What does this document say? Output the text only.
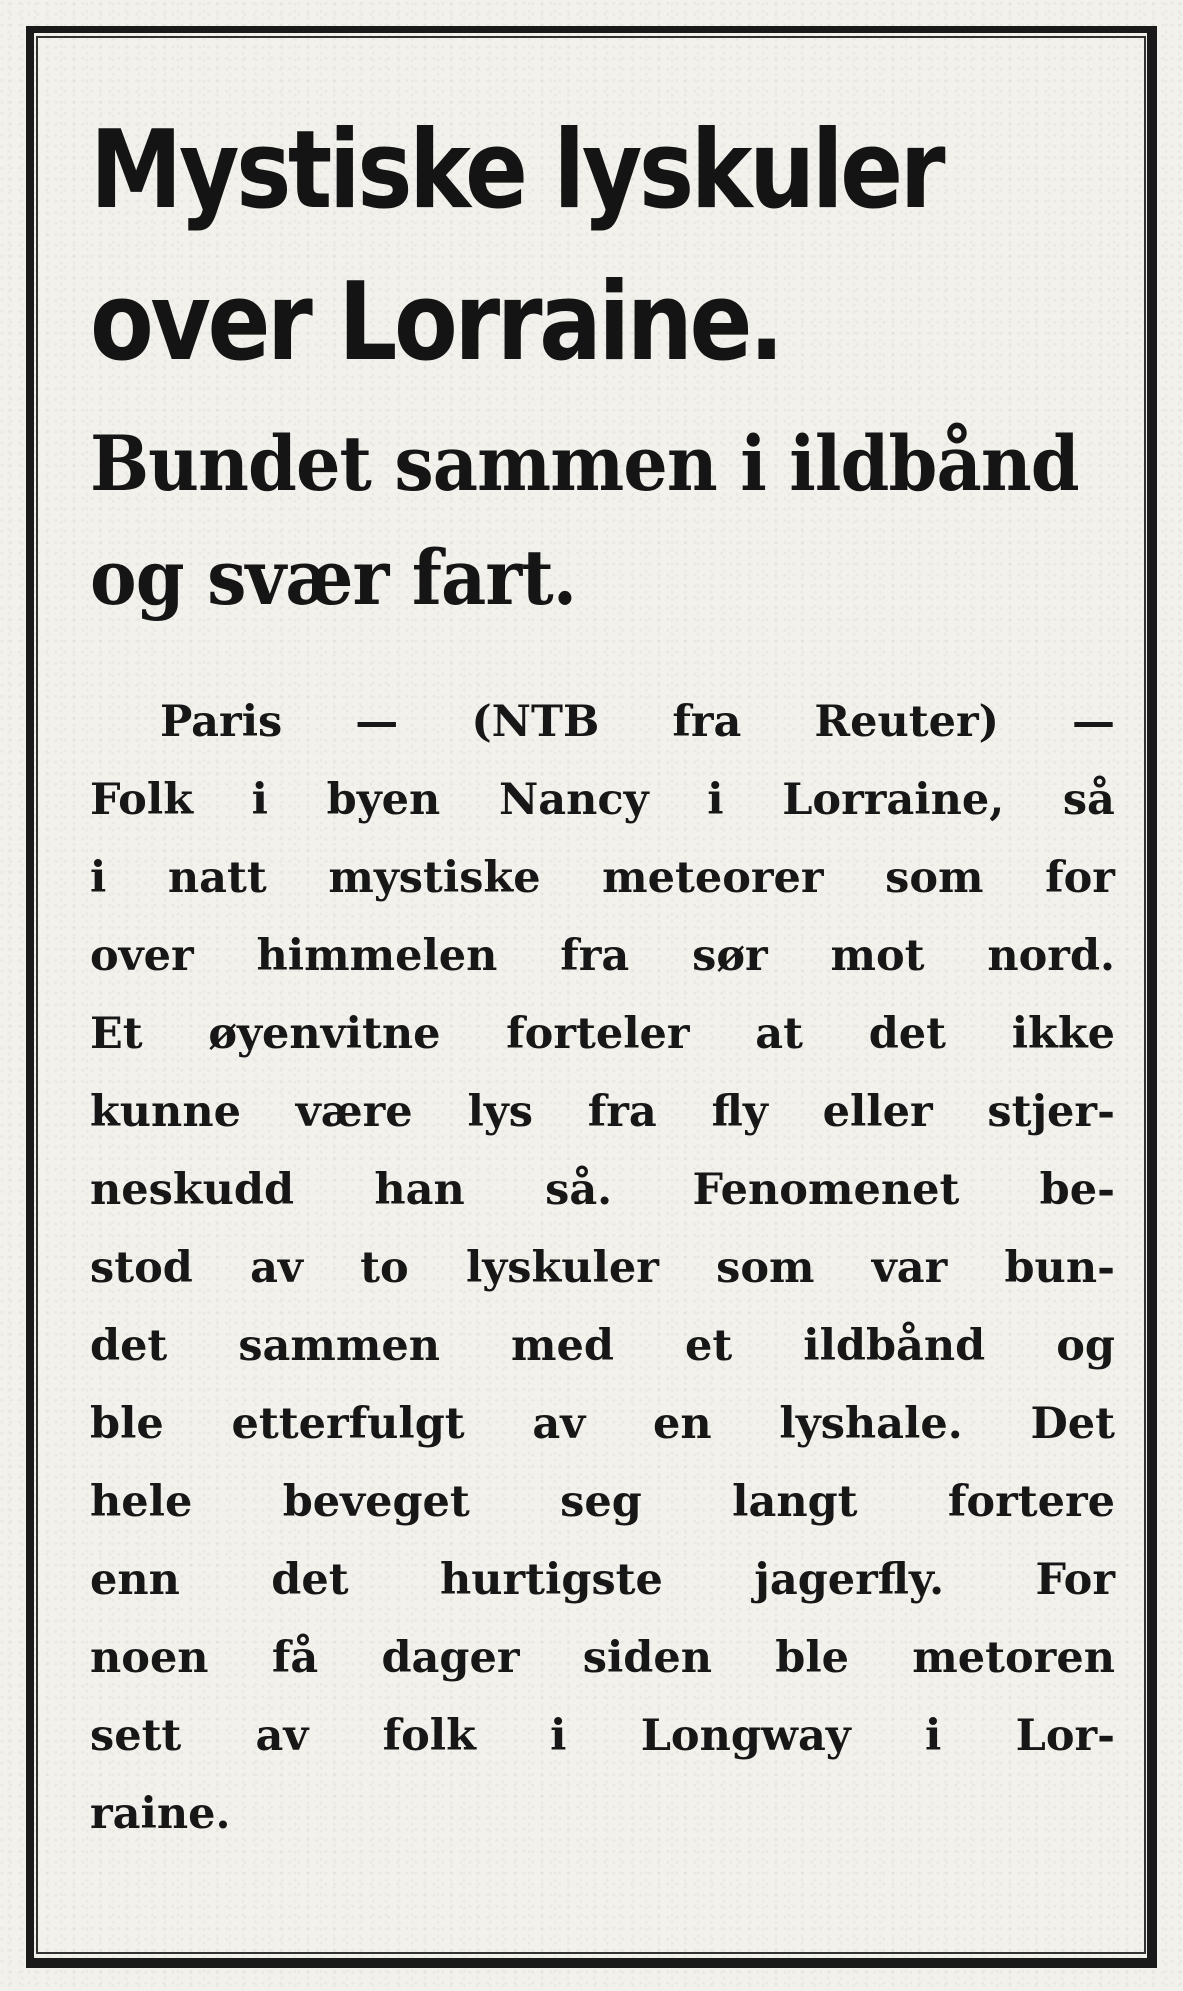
Mystiske lyskuler
over Lorraine.
Bundet sammen i ildbånd
og svær fart.
Paris — (NTB fra Reuter) —
Folk i byen Nancy i Lorraine, så
i natt mystiske meteorer som for
over himmelen fra sør mot nord.
Et øyenvitne forteler at det ikke
kunne være lys fra fly eller stjer-
neskudd han så. Fenomenet be-
stod av to lyskuler som var bun-
det sammen med et ildbånd og
ble etterfulgt av en lyshale. Det
hele beveget seg langt fortere
enn det hurtigste jagerfly. For
noen få dager siden ble metoren
sett av folk i Longway i Lor-
raine.
